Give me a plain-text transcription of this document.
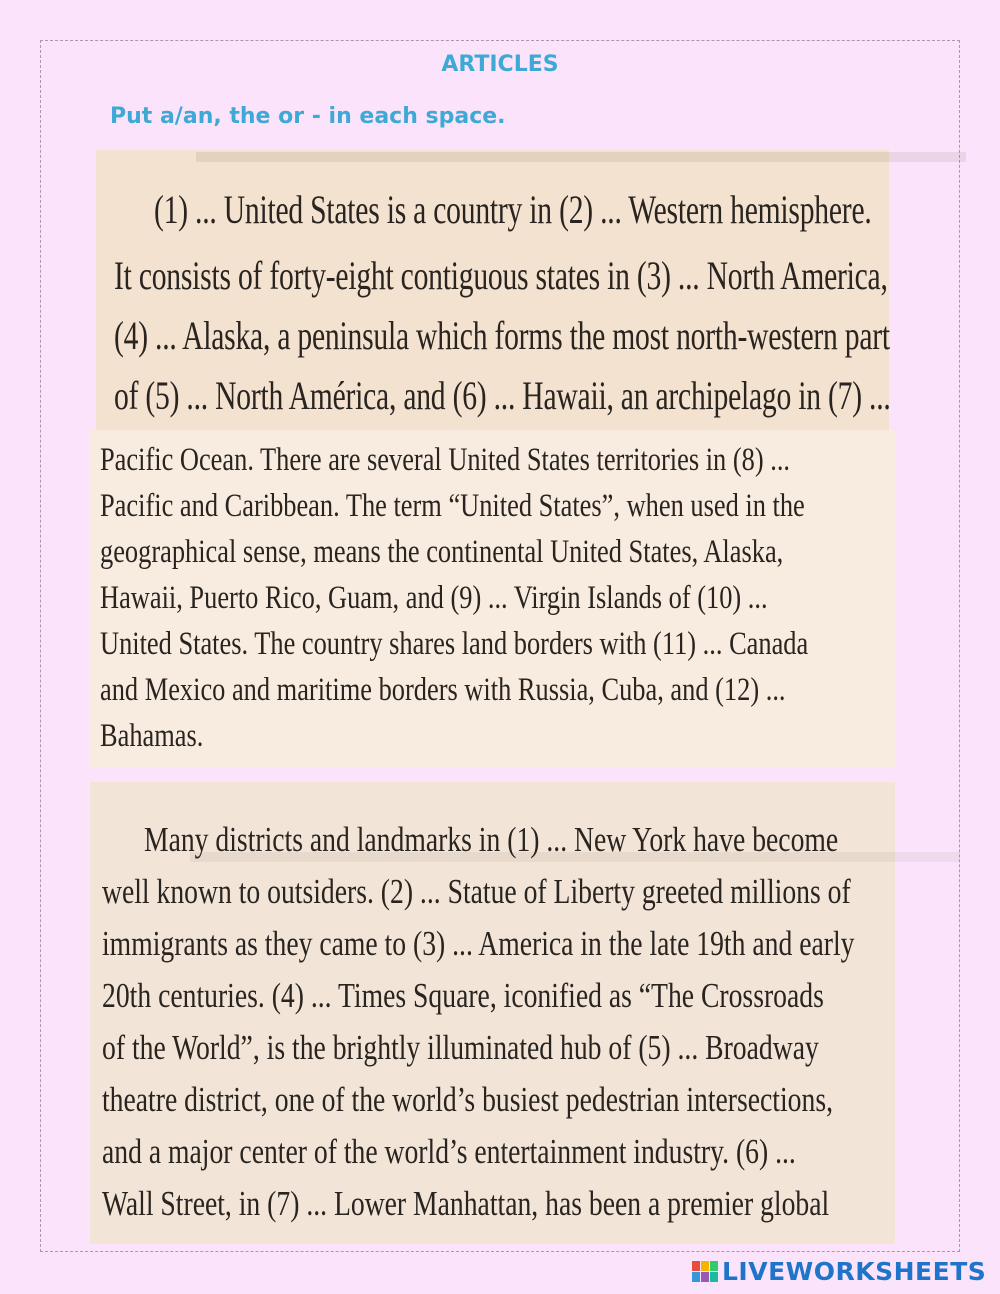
ARTICLES
Put a/an, the or - in each space.

(1) ... United States is a country in (2) ... Western hemisphere.

It consists of forty-eight contiguous states in (3) ... North America,

(4) ... Alaska, a peninsula which forms the most north-western part

of (5) ... North América, and (6) ... Hawaii, an archipelago in (7) ...

Pacific Ocean. There are several United States territories in (8) ...

Pacific and Caribbean. The term “United States”, when used in the

geographical sense, means the continental United States, Alaska,

Hawaii, Puerto Rico, Guam, and (9) ... Virgin Islands of (10) ...

United States. The country shares land borders with (11) ... Canada

and Mexico and maritime borders with Russia, Cuba, and (12) ...

Bahamas.

Many districts and landmarks in (1) ... New York have become

well known to outsiders. (2) ... Statue of Liberty greeted millions of

immigrants as they came to (3) ... America in the late 19th and early

20th centuries. (4) ... Times Square, iconified as “The Crossroads

of the World”, is the brightly illuminated hub of (5) ... Broadway

theatre district, one of the world’s busiest pedestrian intersections,

and a major center of the world’s entertainment industry. (6) ...

Wall Street, in (7) ... Lower Manhattan, has been a premier global

LIVEWORKSHEETS
